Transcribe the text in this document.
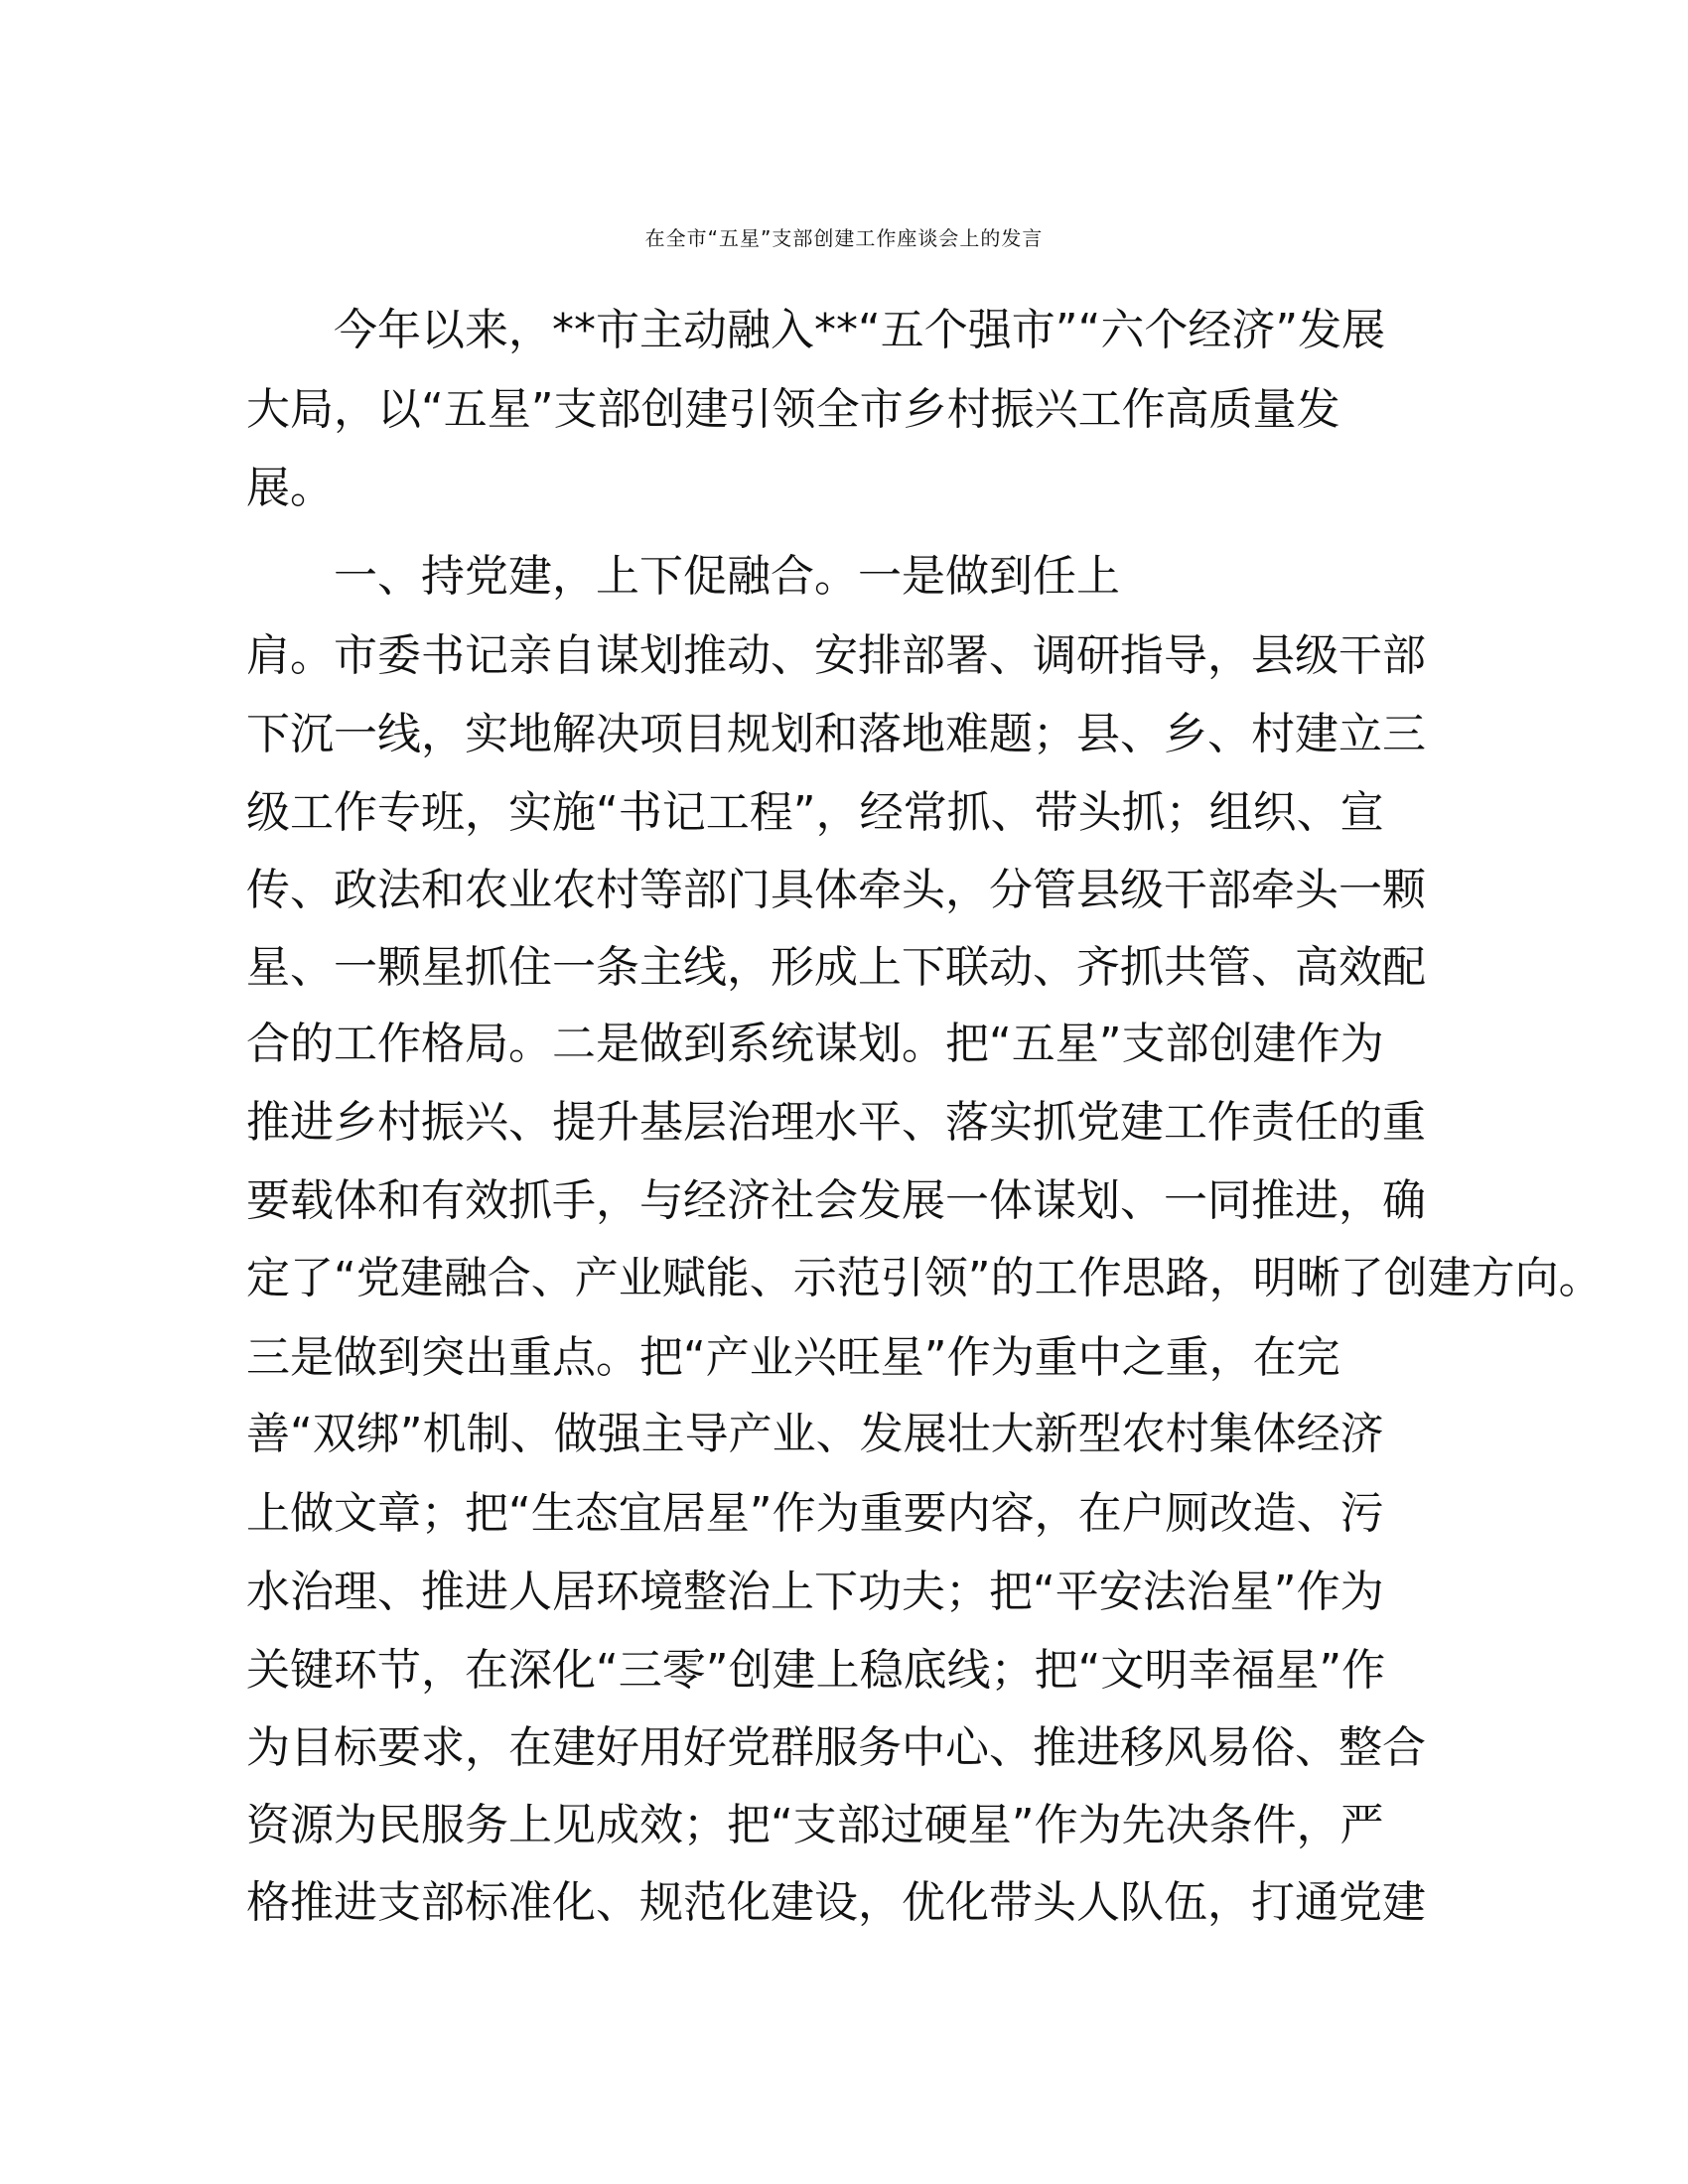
在全市“五星”支部创建工作座谈会上的发言
今年以来，**市主动融入**“五个强市”“六个经济”发展
大局，以“五星”支部创建引领全市乡村振兴工作高质量发
展。
一、持党建，上下促融合。一是做到任上
肩。市委书记亲自谋划推动、安排部署、调研指导，县级干部
下沉一线，实地解决项目规划和落地难题；县、乡、村建立三
级工作专班，实施“书记工程”，经常抓、带头抓；组织、宣
传、政法和农业农村等部门具体牵头，分管县级干部牵头一颗
星、一颗星抓住一条主线，形成上下联动、齐抓共管、高效配
合的工作格局。二是做到系统谋划。把“五星”支部创建作为
推进乡村振兴、提升基层治理水平、落实抓党建工作责任的重
要载体和有效抓手，与经济社会发展一体谋划、一同推进，确
定了“党建融合、产业赋能、示范引领”的工作思路，明晰了创建方向。
三是做到突出重点。把“产业兴旺星”作为重中之重，在完
善“双绑”机制、做强主导产业、发展壮大新型农村集体经济
上做文章；把“生态宜居星”作为重要内容，在户厕改造、污
水治理、推进人居环境整治上下功夫；把“平安法治星”作为
关键环节，在深化“三零”创建上稳底线；把“文明幸福星”作
为目标要求，在建好用好党群服务中心、推进移风易俗、整合
资源为民服务上见成效；把“支部过硬星”作为先决条件，严
格推进支部标准化、规范化建设，优化带头人队伍，打通党建
